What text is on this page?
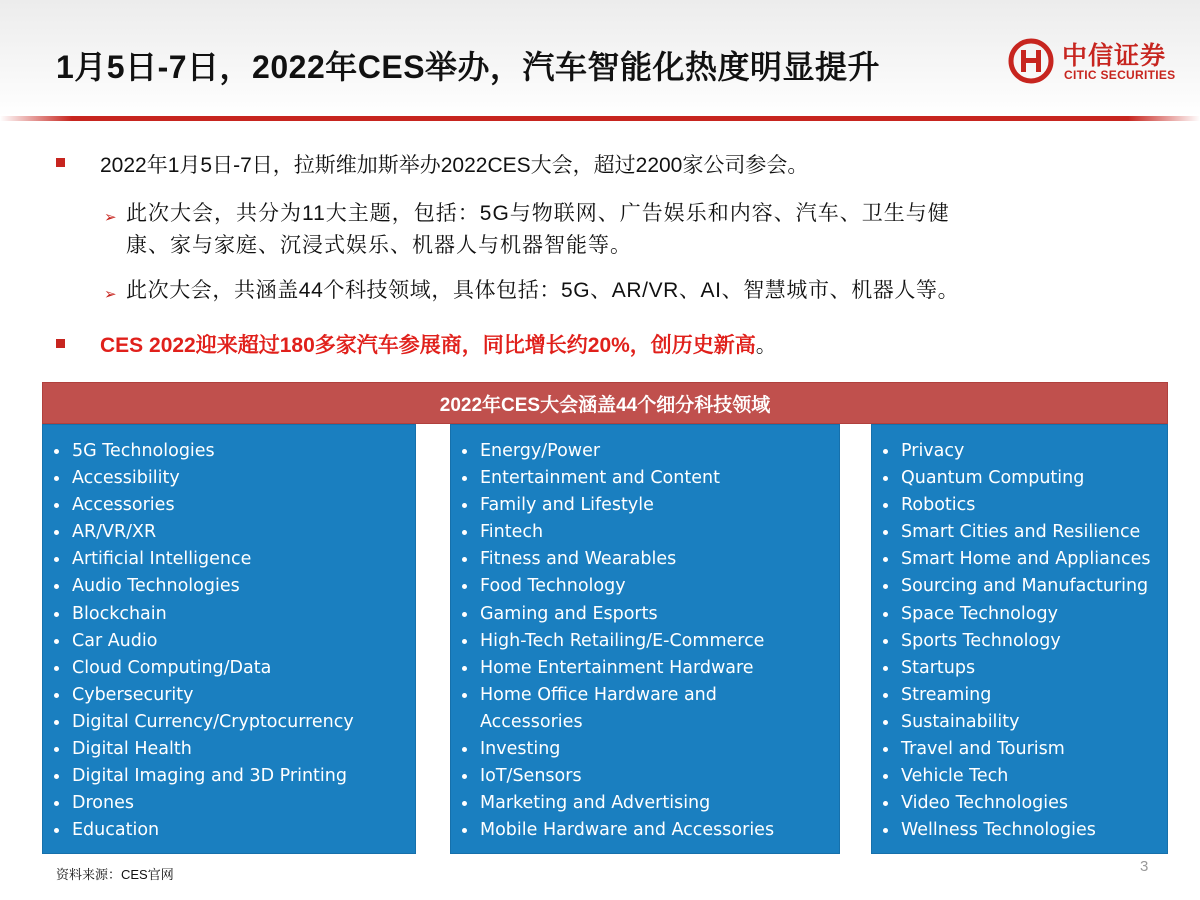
1月5日-7日，2022年CES举办，汽车智能化热度明显提升	中信证券
CITIC SECURITIES
2022年1月5日-7日，拉斯维加斯举办2022CES大会，超过2200家公司参会。
➢ 此次大会，共分为11大主题，包括：5G与物联网、广告娱乐和内容、汽车、卫生与健
康、家与家庭、沉浸式娱乐、机器人与机器智能等。
➢ 此次大会，共涵盖44个科技领域，具体包括：5G、AR/VR、AI、智慧城市、机器人等。
CES 2022迎来超过180多家汽车参展商，同比增长约20%，创历史新高。
2022年CES大会涵盖44个细分科技领域
5G Technologies
Accessibility
Accessories
AR/VR/XR
Artificial Intelligence
Audio Technologies
Blockchain
Car Audio
Cloud Computing/Data
Cybersecurity
Digital Currency/Cryptocurrency
Digital Health
Digital Imaging and 3D Printing
Drones
Education
Energy/Power
Entertainment and Content
Family and Lifestyle
Fintech
Fitness and Wearables
Food Technology
Gaming and Esports
High-Tech Retailing/E-Commerce
Home Entertainment Hardware
Home Office Hardware and
Accessories
Investing
IoT/Sensors
Marketing and Advertising
Mobile Hardware and Accessories
Privacy
Quantum Computing
Robotics
Smart Cities and Resilience
Smart Home and Appliances
Sourcing and Manufacturing
Space Technology
Sports Technology
Startups
Streaming
Sustainability
Travel and Tourism
Vehicle Tech
Video Technologies
Wellness Technologies
资料来源：CES官网	3
